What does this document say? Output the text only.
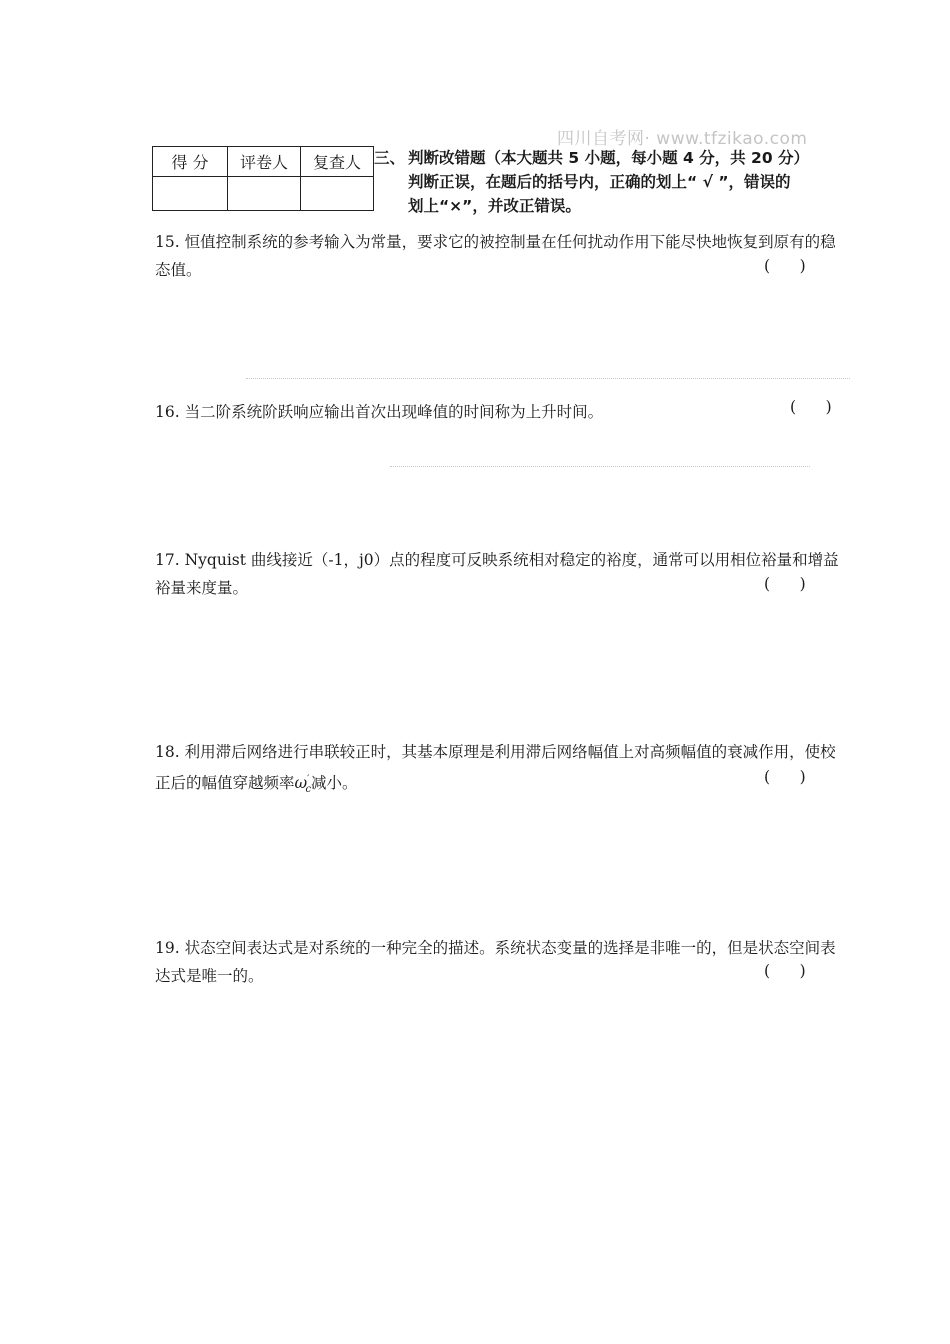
四川自考网· www.tfzikao.com
得 分	评卷人	复查人
		三、 判断改错题（本大题共 5 小题，每小题 4 分，共 20 分）
判断正误，在题后的括号内，正确的划上“ √ ”，错误的
划上“×”，并改正错误。
15. 恒值控制系统的参考输入为常量，要求它的被控制量在任何扰动作用下能尽快地恢复到原有的稳态值。	(      )
16. 当二阶系统阶跃响应输出首次出现峰值的时间称为上升时间。	(      )
17. Nyquist 曲线接近（-1，j0）点的程度可反映系统相对稳定的裕度，通常可以用相位裕量和增益裕量来度量。	(      )
18. 利用滞后网络进行串联较正时，其基本原理是利用滞后网络幅值上对高频幅值的衰减作用，使校正后的幅值穿越频率$\omega'_c$减小。	(      )
19. 状态空间表达式是对系统的一种完全的描述。系统状态变量的选择是非唯一的，但是状态空间表达式是唯一的。	(      )
